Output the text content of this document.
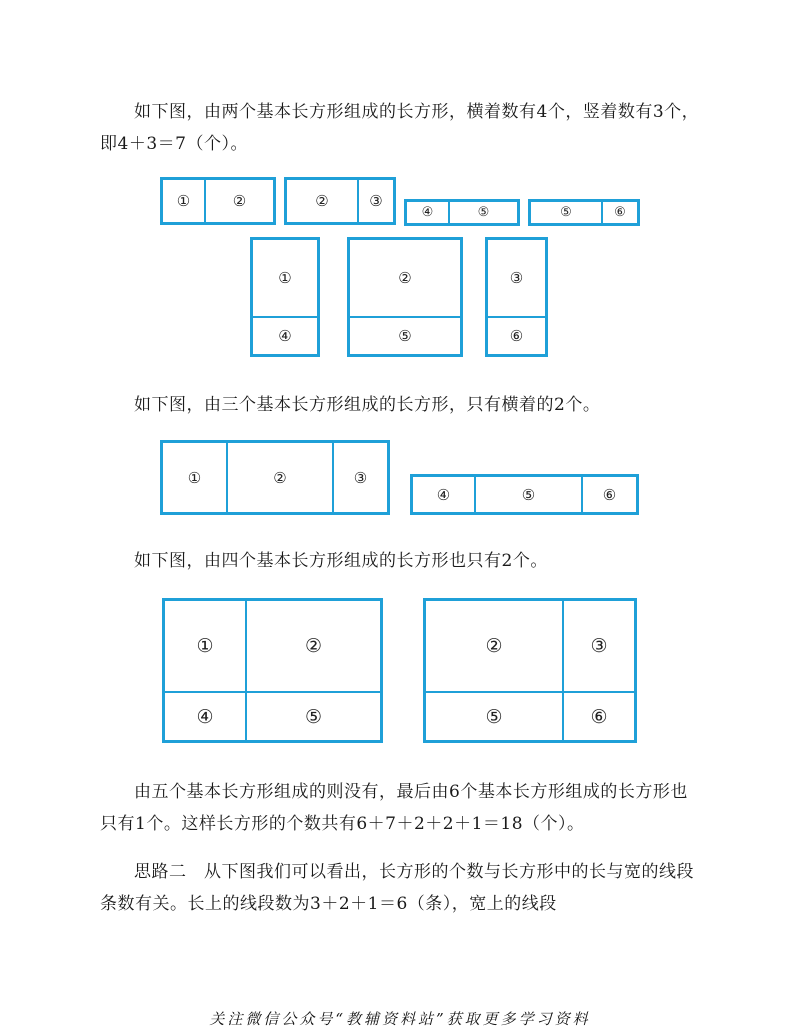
如下图，由两个基本长方形组成的长方形，横着数有4个，竖着数有3个，即4＋3＝7（个）。

①	②	②	③
④	⑤	⑤	⑥
①
④
②
⑤
③
⑥

如下图，由三个基本长方形组成的长方形，只有横着的2个。

①	②	③
④	⑤	⑥

如下图，由四个基本长方形组成的长方形也只有2个。

①	②
④	⑤
②	③
⑤	⑥

由五个基本长方形组成的则没有，最后由6个基本长方形组成的长方形也只有1个。这样长方形的个数共有6＋7＋2＋2＋1＝18（个）。

思路二　从下图我们可以看出，长方形的个数与长方形中的长与宽的线段条数有关。长上的线段数为3＋2＋1＝6（条），宽上的线段

关注微信公众号“教辅资料站”获取更多学习资料
